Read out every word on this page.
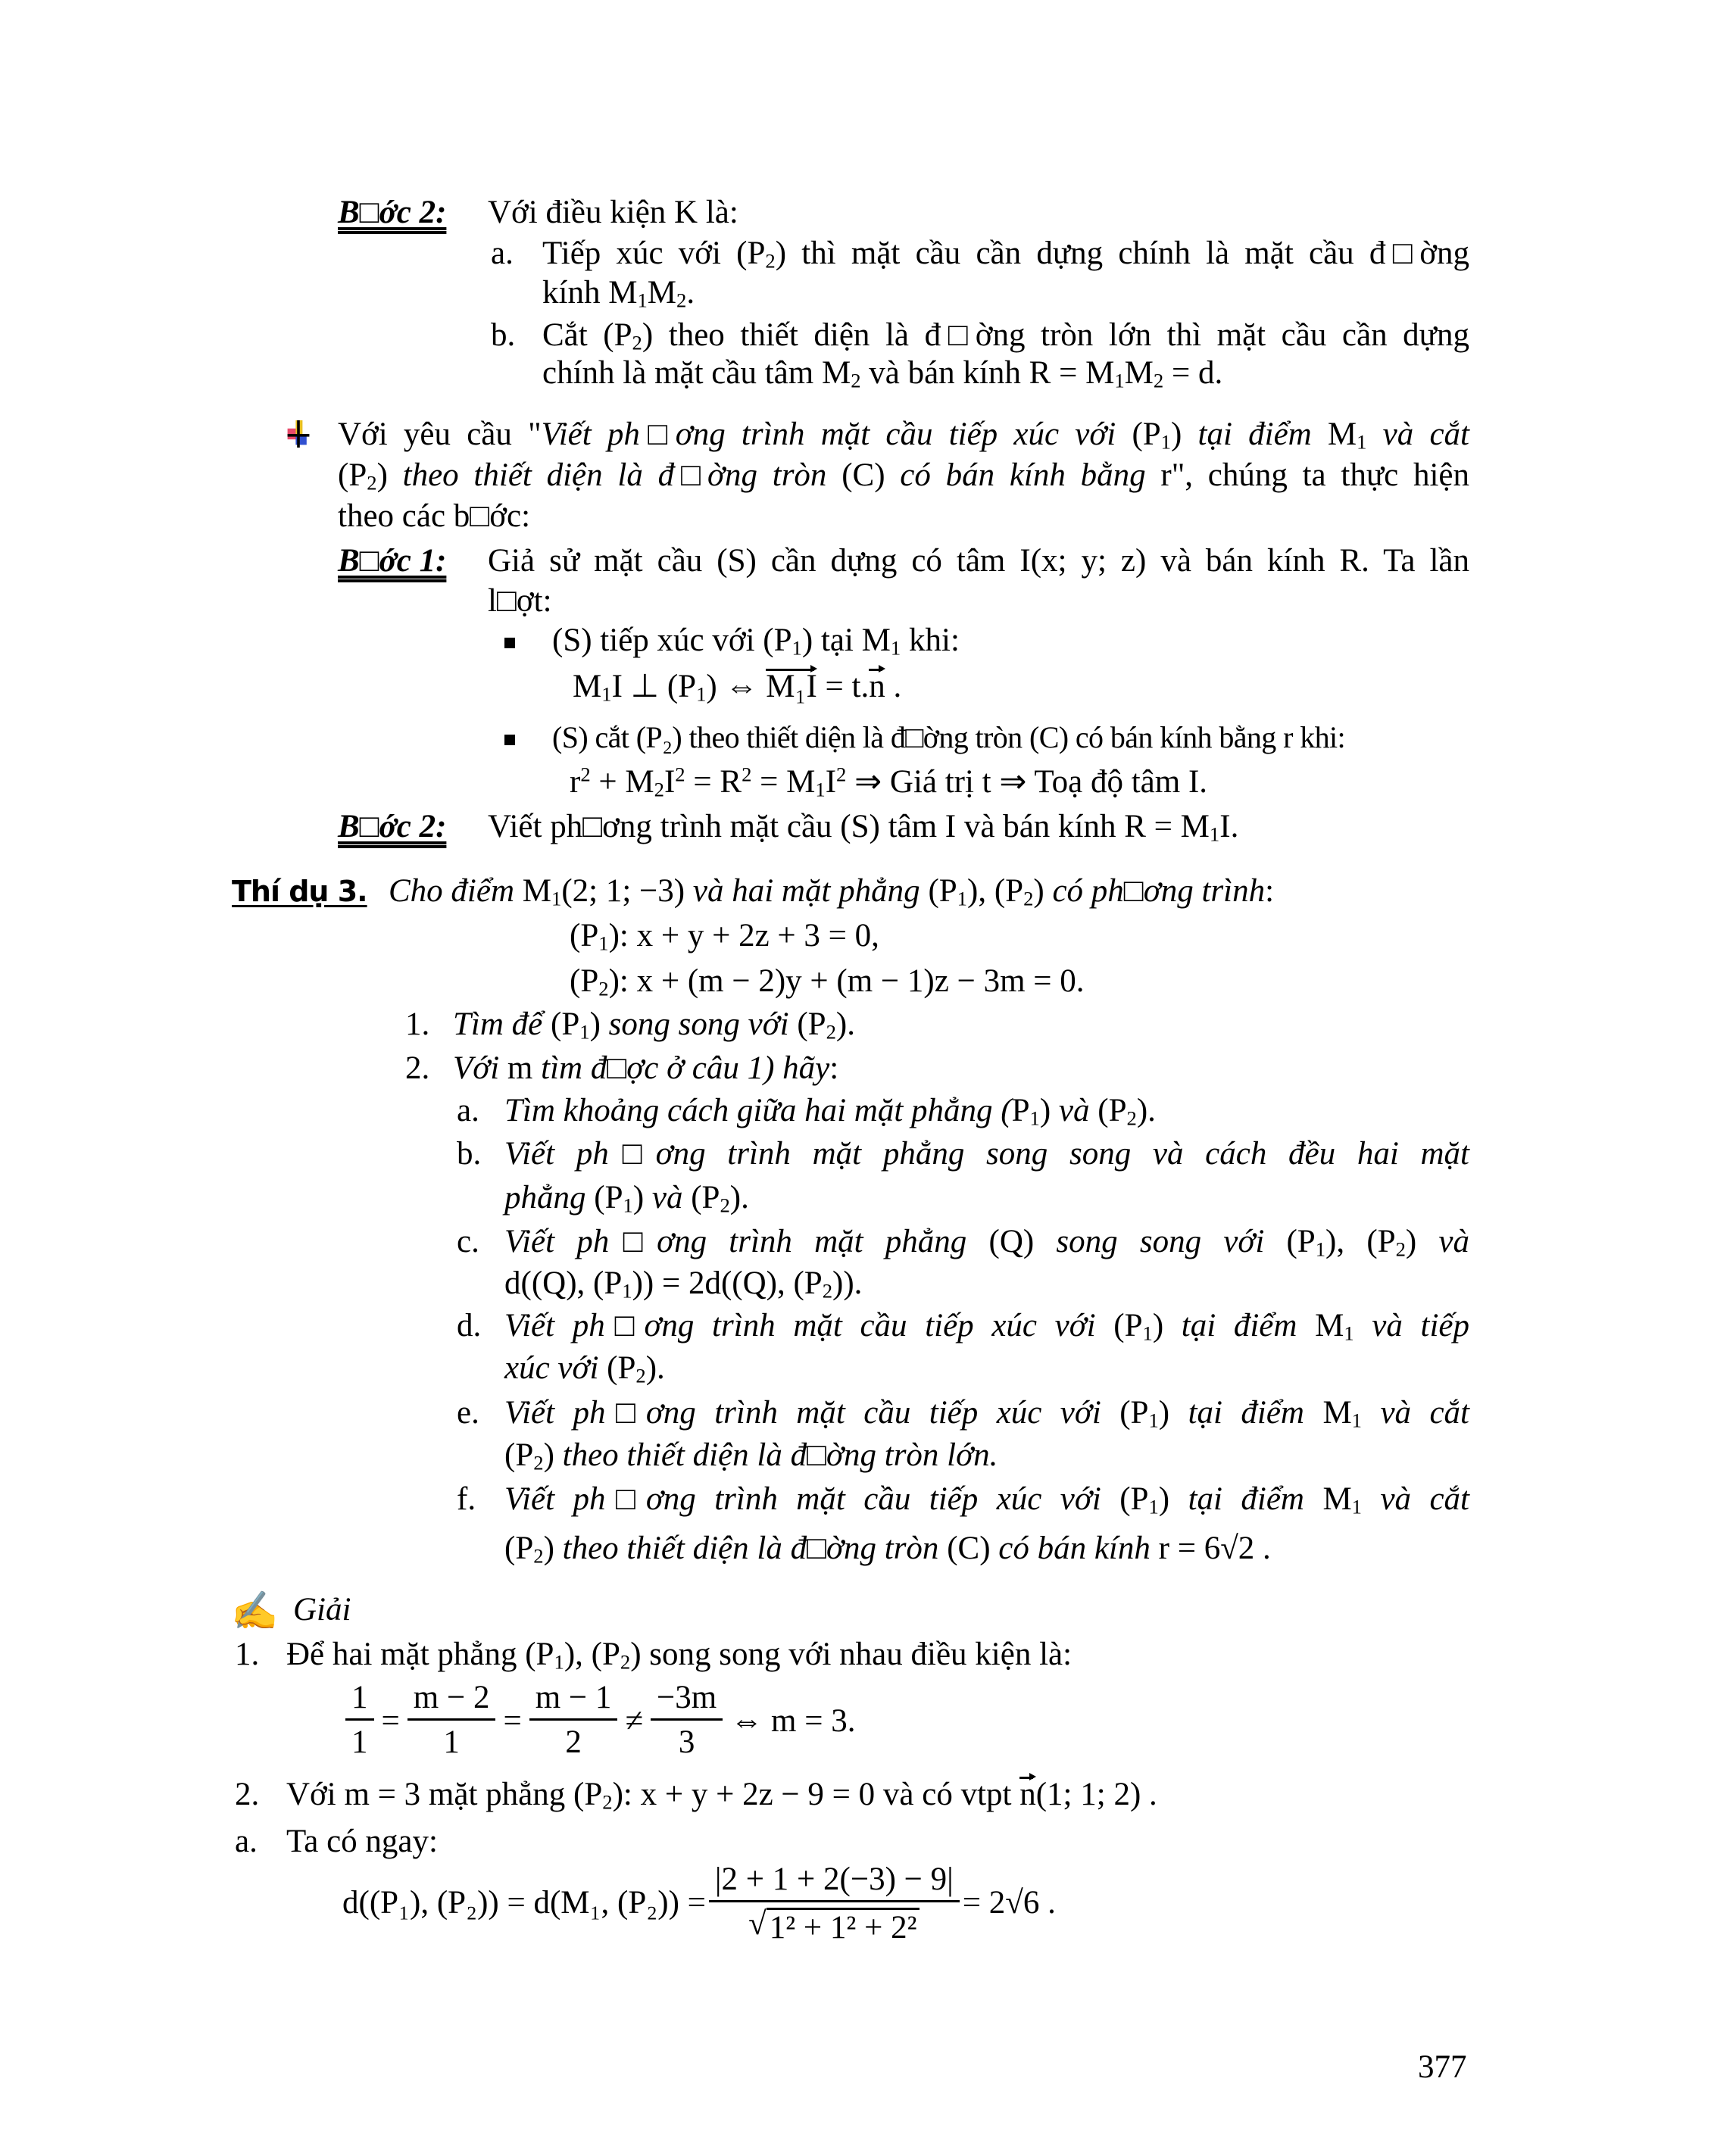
B□ớc 2: Với điều kiện K là:
a. Tiếp xúc với $(P_2)$ thì mặt cầu cần dựng chính là mặt cầu đ□ờng
kính $M_1M_2$.
b. Cắt $(P_2)$ theo thiết diện là đ□ờng tròn lớn thì mặt cầu cần dựng
chính là mặt cầu tâm $M_2$ và bán kính $R = M_1M_2 = d$.
Với yêu cầu "Viết ph□ơng trình mặt cầu tiếp xúc với $(P_1)$ tại điểm $M_1$ và cắt
$(P_2)$ theo thiết diện là đ□ờng tròn (C) có bán kính bằng r", chúng ta thực hiện
theo các b□ớc:
B□ớc 1: Giả sử mặt cầu (S) cần dựng có tâm I(x; y; z) và bán kính R. Ta lần
l□ợt:
(S) tiếp xúc với $(P_1)$ tại $M_1$ khi:
$M_1I$ ⊥ $(P_1)$ ⇔ M₁I = t.n .
(S) cắt (P₂) theo thiết diện là đ□ờng tròn (C) có bán kính bằng r khi:
$r^2 + M_2I^2 = R^2 = M_1I^2$ ⇒ Giá trị t ⇒ Toạ độ tâm I.
B□ớc 2: Viết ph□ơng trình mặt cầu (S) tâm I và bán kính $R = M_1I$.
Thí dụ 3. Cho điểm $M_1(2$; 1; −3) và hai mặt phẳng $(P_1)$, $(P_2)$ có ph□ơng trình:
$(P_1)$: x + y + 2z + 3 = 0,
$(P_2)$: x + (m − 2)y + (m − 1)z − 3m = 0.
1. Tìm để $(P_1)$ song song với $(P_2)$.
2. Với m tìm đ□ợc ở câu 1) hãy:
a. Tìm khoảng cách giữa hai mặt phẳng $(P_1)$ và $(P_2)$.
b. Viết ph□ơng trình mặt phẳng song song và cách đều hai mặt
phẳng $(P_1)$ và $(P_2)$.
c. Viết ph□ơng trình mặt phẳng (Q) song song với $(P_1)$, $(P_2)$ và
d((Q), $(P_1)) = 2d((Q)$, $(P_2)$).
d. Viết ph□ơng trình mặt cầu tiếp xúc với $(P_1)$ tại điểm $M_1$ và tiếp
xúc với $(P_2)$.
e. Viết ph□ơng trình mặt cầu tiếp xúc với $(P_1)$ tại điểm $M_1$ và cắt
$(P_2)$ theo thiết diện là đ□ờng tròn lớn.
f. Viết ph□ơng trình mặt cầu tiếp xúc với $(P_1)$ tại điểm $M_1$ và cắt
$(P_2)$ theo thiết diện là đ□ờng tròn (C) có bán kính r = 6√2 .
Giải
1. Để hai mặt phẳng $(P_1)$, $(P_2)$ song song với nhau điều kiện là:
2. Với m = 3 mặt phẳng $(P_2)$: x + y + 2z − 9 = 0 và có vtpt n(1; 1; 2) .
a. Ta có ngay:
377
✍
$\frac{1}{1} = \frac{m - 2}{1} = \frac{m - 1}{2} \ne \frac{-3m}{3}$ ⇔ m = 3.
d((P₁), (P₂)) = d(M₁, $(P_2)) = \frac{|2 + 1 + 2(-3) - 9|}{\text{√ 1² + 1² + 2²}} = 2√6$ .
